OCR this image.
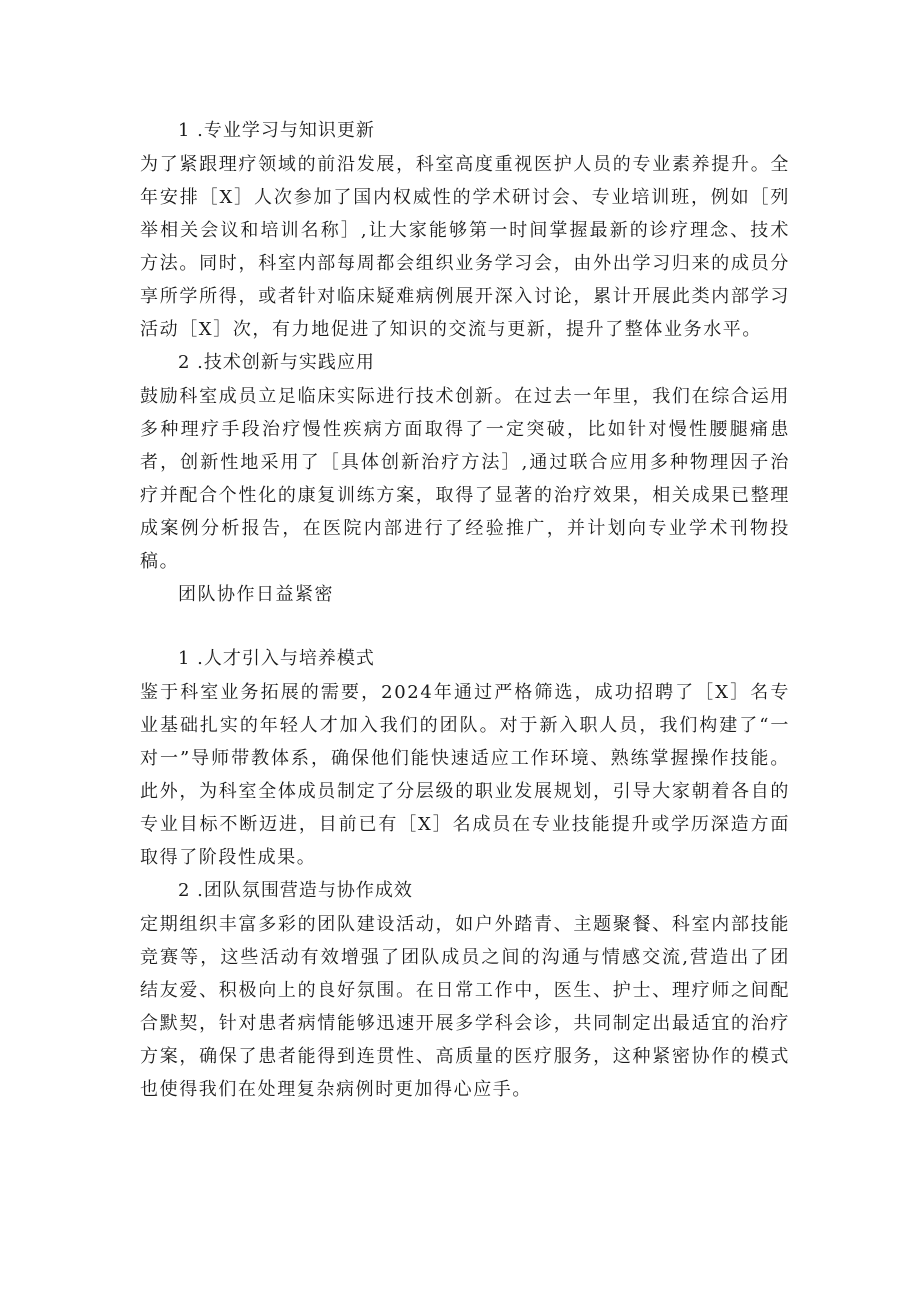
1 .专业学习与知识更新
为了紧跟理疗领域的前沿发展，科室高度重视医护人员的专业素养提升。全年安排［X］人次参加了国内权威性的学术研讨会、专业培训班，例如［列举相关会议和培训名称］,让大家能够第一时间掌握最新的诊疗理念、技术方法。同时，科室内部每周都会组织业务学习会，由外出学习归来的成员分享所学所得，或者针对临床疑难病例展开深入讨论，累计开展此类内部学习活动［X］次，有力地促进了知识的交流与更新，提升了整体业务水平。
2 .技术创新与实践应用
鼓励科室成员立足临床实际进行技术创新。在过去一年里，我们在综合运用多种理疗手段治疗慢性疾病方面取得了一定突破，比如针对慢性腰腿痛患者，创新性地采用了［具体创新治疗方法］,通过联合应用多种物理因子治疗并配合个性化的康复训练方案，取得了显著的治疗效果，相关成果已整理成案例分析报告，在医院内部进行了经验推广，并计划向专业学术刊物投稿。
团队协作日益紧密
1 .人才引入与培养模式
鉴于科室业务拓展的需要，2024年通过严格筛选，成功招聘了［X］名专业基础扎实的年轻人才加入我们的团队。对于新入职人员，我们构建了“一对一”导师带教体系，确保他们能快速适应工作环境、熟练掌握操作技能。此外，为科室全体成员制定了分层级的职业发展规划，引导大家朝着各自的专业目标不断迈进，目前已有［X］名成员在专业技能提升或学历深造方面取得了阶段性成果。
2 .团队氛围营造与协作成效
定期组织丰富多彩的团队建设活动，如户外踏青、主题聚餐、科室内部技能竞赛等，这些活动有效增强了团队成员之间的沟通与情感交流,营造出了团结友爱、积极向上的良好氛围。在日常工作中，医生、护士、理疗师之间配合默契，针对患者病情能够迅速开展多学科会诊，共同制定出最适宜的治疗方案，确保了患者能得到连贯性、高质量的医疗服务，这种紧密协作的模式也使得我们在处理复杂病例时更加得心应手。
